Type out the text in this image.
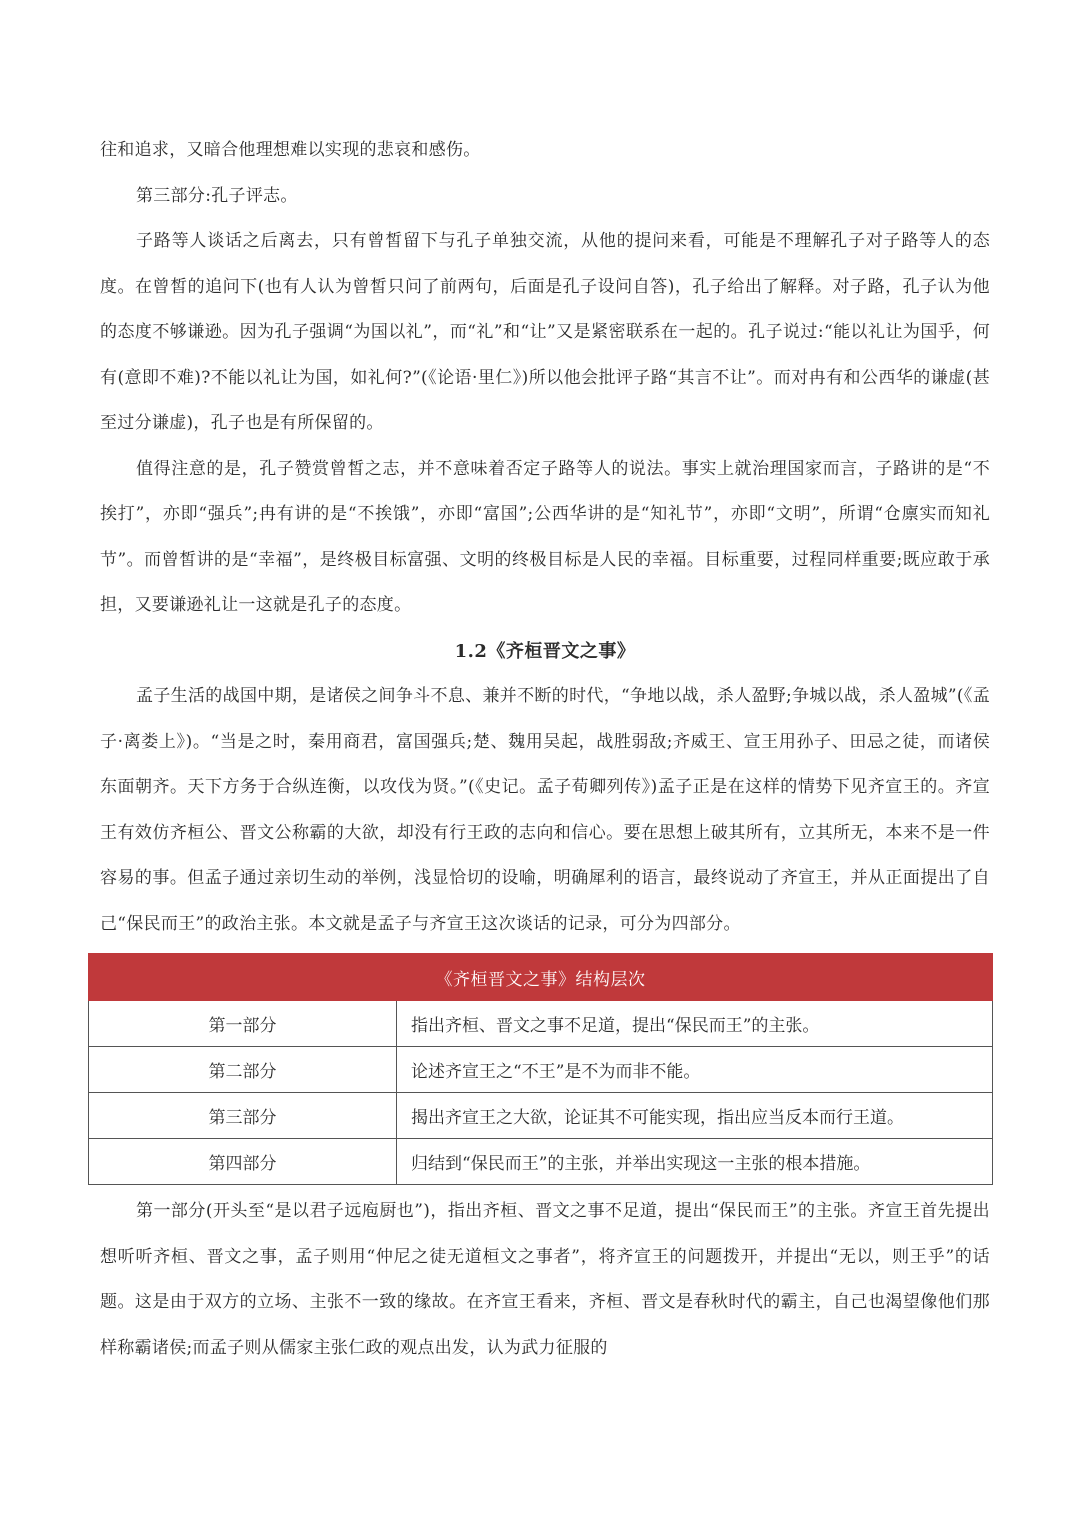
往和追求，又暗合他理想难以实现的悲哀和感伤。

第三部分:孔子评志。

子路等人谈话之后离去，只有曾皙留下与孔子单独交流，从他的提问来看，可能是不理解孔子对子路等人的态度。在曾皙的追问下(也有人认为曾皙只问了前两句，后面是孔子设问自答)，孔子给出了解释。对子路，孔子认为他的态度不够谦逊。因为孔子强调“为国以礼”，而“礼”和“让”又是紧密联系在一起的。孔子说过:“能以礼让为国乎，何有(意即不难)?不能以礼让为国，如礼何?”(《论语·里仁》)所以他会批评子路“其言不让”。而对冉有和公西华的谦虚(甚至过分谦虚)，孔子也是有所保留的。

值得注意的是，孔子赞赏曾皙之志，并不意味着否定子路等人的说法。事实上就治理国家而言，子路讲的是“不挨打”，亦即“强兵”;冉有讲的是“不挨饿”，亦即“富国”;公西华讲的是“知礼节”，亦即“文明”，所谓“仓廪实而知礼节”。而曾皙讲的是“幸福”，是终极目标富强、文明的终极目标是人民的幸福。目标重要，过程同样重要;既应敢于承担，又要谦逊礼让一这就是孔子的态度。

1.2《齐桓晋文之事》

孟子生活的战国中期，是诸侯之间争斗不息、兼并不断的时代，“争地以战，杀人盈野;争城以战，杀人盈城”(《孟子·离娄上》)。“当是之时，秦用商君，富国强兵;楚、魏用吴起，战胜弱敌;齐威王、宣王用孙子、田忌之徒，而诸侯东面朝齐。天下方务于合纵连衡，以攻伐为贤。”(《史记。孟子荀卿列传》)孟子正是在这样的情势下见齐宣王的。齐宣王有效仿齐桓公、晋文公称霸的大欲，却没有行王政的志向和信心。要在思想上破其所有，立其所无，本来不是一件容易的事。但孟子通过亲切生动的举例，浅显恰切的设喻，明确犀利的语言，最终说动了齐宣王，并从正面提出了自己“保民而王”的政治主张。本文就是孟子与齐宣王这次谈话的记录，可分为四部分。

《齐桓晋文之事》结构层次	
第一部分	指出齐桓、晋文之事不足道，提出“保民而王”的主张。
第二部分	论述齐宣王之“不王”是不为而非不能。
第三部分	揭出齐宣王之大欲，论证其不可能实现，指出应当反本而行王道。
第四部分	归结到“保民而王”的主张，并举出实现这一主张的根本措施。

第一部分(开头至“是以君子远庖厨也”)，指出齐桓、晋文之事不足道，提出“保民而王”的主张。齐宣王首先提出想听听齐桓、晋文之事，孟子则用“仲尼之徒无道桓文之事者”，将齐宣王的问题拨开，并提出“无以，则王乎”的话题。这是由于双方的立场、主张不一致的缘故。在齐宣王看来，齐桓、晋文是春秋时代的霸主，自己也渴望像他们那样称霸诸侯;而孟子则从儒家主张仁政的观点出发，认为武力征服的
